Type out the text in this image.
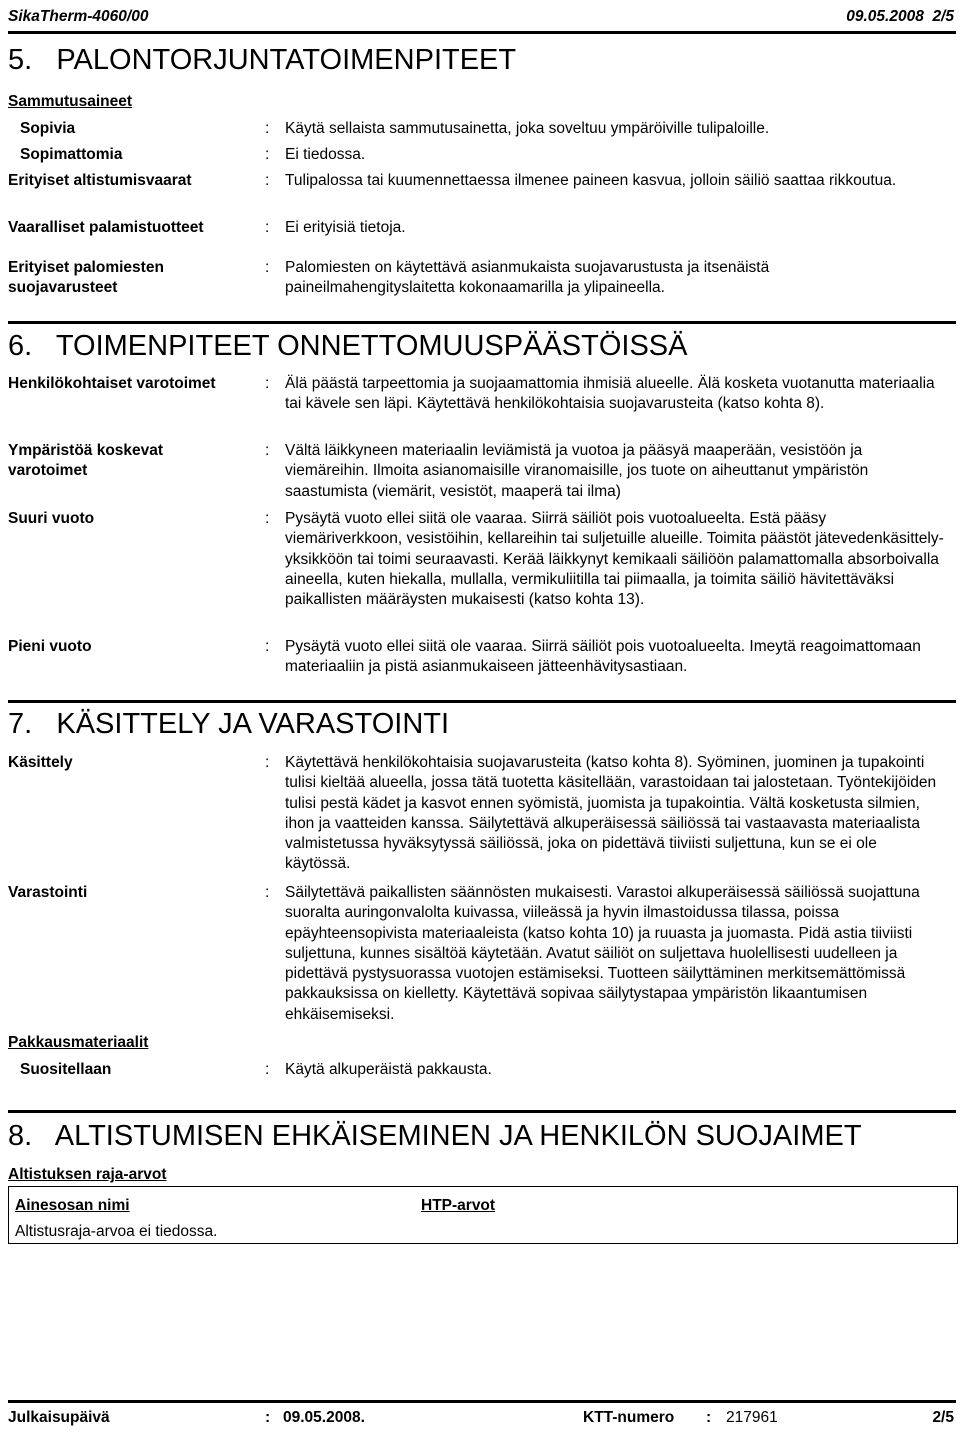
SikaTherm-4060/00	09.05.2008  2/5
5.   PALONTORJUNTATOIMENPITEET
Sammutusaineet
Sopivia	: Käytä sellaista sammutusainetta, joka soveltuu ympäröiville tulipaloille.
Sopimattomia	: Ei tiedossa.
Erityiset altistumisvaarat	: Tulipalossa tai kuumennettaessa ilmenee paineen kasvua, jolloin säiliö saattaa rikkoutua.
Vaaralliset palamistuotteet	: Ei erityisiä tietoja.
Erityiset palomiesten suojavarusteet
: Palomiesten on käytettävä asianmukaista suojavarustusta ja itsenäistä paineilmahengityslaitetta kokonaamarilla ja ylipaineella.
6.   TOIMENPITEET ONNETTOMUUSPÄÄSTÖISSÄ
Henkilökohtaiset varotoimet	: Älä päästä tarpeettomia ja suojaamattomia ihmisiä alueelle. Älä kosketa vuotanutta materiaalia tai kävele sen läpi. Käytettävä henkilökohtaisia suojavarusteita (katso kohta 8).
Ympäristöä koskevat varotoimet
: Vältä läikkyneen materiaalin leviämistä ja vuotoa ja pääsyä maaperään, vesistöön ja viemäreihin. Ilmoita asianomaisille viranomaisille, jos tuote on aiheuttanut ympäristön saastumista (viemärit, vesistöt, maaperä tai ilma)
Suuri vuoto	: Pysäytä vuoto ellei siitä ole vaaraa. Siirrä säiliöt pois vuotoalueelta. Estä pääsy viemäriverkkoon, vesistöihin, kellareihin tai suljetuille alueille. Toimita päästöt jätevedenkäsittely-yksikköön tai toimi seuraavasti. Kerää läikkynyt kemikaali säiliöön palamattomalla absorboivalla aineella, kuten hiekalla, mullalla, vermikuliitilla tai piimaalla, ja toimita säiliö hävitettäväksi paikallisten määräysten mukaisesti (katso kohta 13).
Pieni vuoto	: Pysäytä vuoto ellei siitä ole vaaraa. Siirrä säiliöt pois vuotoalueelta. Imeytä reagoimattomaan materiaaliin ja pistä asianmukaiseen jätteenhävitysastiaan.
7.   KÄSITTELY JA VARASTOINTI
Käsittely	: Käytettävä henkilökohtaisia suojavarusteita (katso kohta 8). Syöminen, juominen ja tupakointi tulisi kieltää alueella, jossa tätä tuotetta käsitellään, varastoidaan tai jalostetaan. Työntekijöiden tulisi pestä kädet ja kasvot ennen syömistä, juomista ja tupakointia. Vältä kosketusta silmien, ihon ja vaatteiden kanssa. Säilytettävä alkuperäisessä säiliössä tai vastaavasta materiaalista valmistetussa hyväksytyssä säiliössä, joka on pidettävä tiiviisti suljettuna, kun se ei ole käytössä.
Varastointi	: Säilytettävä paikallisten säännösten mukaisesti. Varastoi alkuperäisessä säiliössä suojattuna suoralta auringonvalolta kuivassa, viileässä ja hyvin ilmastoidussa tilassa, poissa epäyhteensopivista materiaaleista (katso kohta 10) ja ruuasta ja juomasta. Pidä astia tiiviisti suljettuna, kunnes sisältöä käytetään. Avatut säiliöt on suljettava huolellisesti uudelleen ja pidettävä pystysuorassa vuotojen estämiseksi. Tuotteen säilyttäminen merkitsemättömissä pakkauksissa on kielletty. Käytettävä sopivaa säilytystapaa ympäristön likaantumisen ehkäisemiseksi.
Pakkausmateriaalit
Suositellaan	: Käytä alkuperäistä pakkausta.
8.   ALTISTUMISEN EHKÄISEMINEN JA HENKILÖN SUOJAIMET
Altistuksen raja-arvot
Ainesosan nimi	HTP-arvot
Altistusraja-arvoa ei tiedossa.
Julkaisupäivä	: 09.05.2008.	KTT-numero : 217961	2/5
